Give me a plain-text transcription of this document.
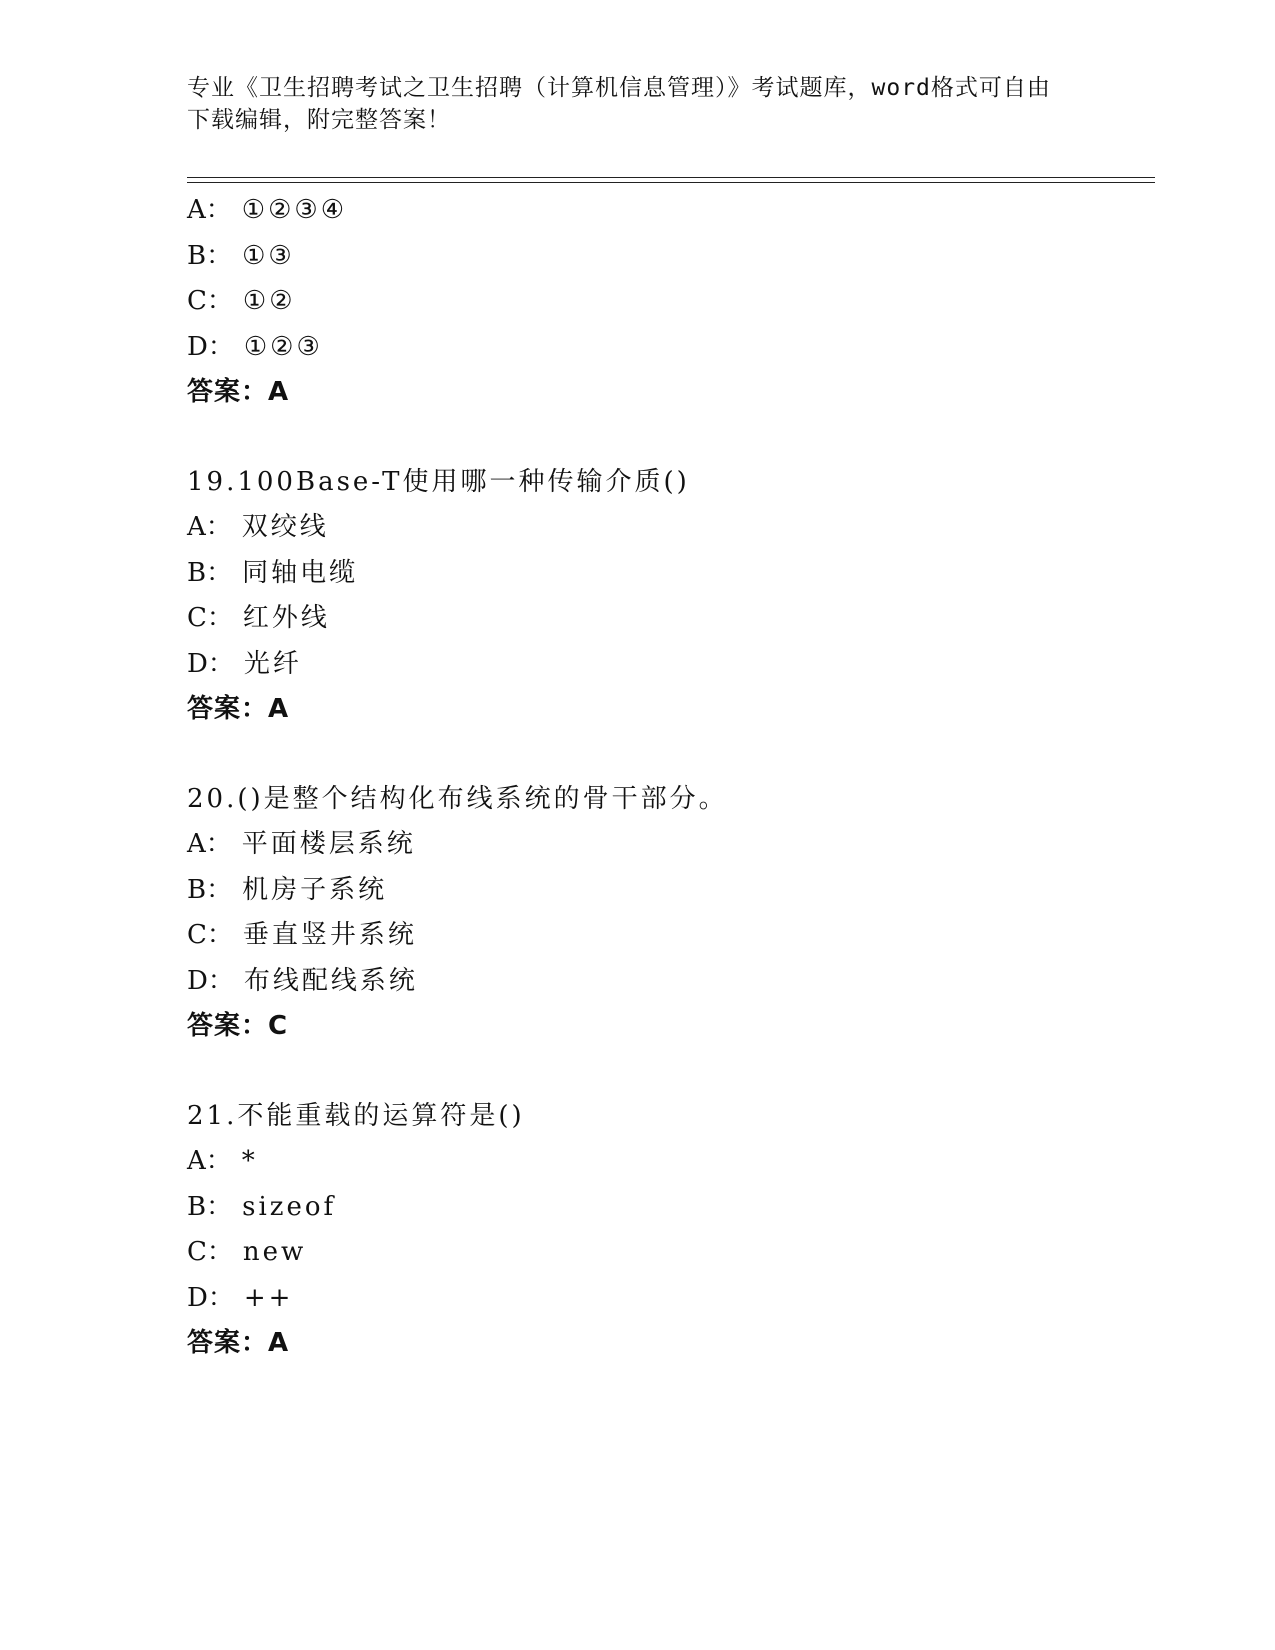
专业《卫生招聘考试之卫生招聘（计算机信息管理）》考试题库，word格式可自由下载编辑，附完整答案！
A： ①②③④
B： ①③
C： ①②
D： ①②③
答案：A
19.100Base-T使用哪一种传输介质()
A： 双绞线
B： 同轴电缆
C： 红外线
D： 光纤
答案：A
20.()是整个结构化布线系统的骨干部分。
A： 平面楼层系统
B： 机房子系统
C： 垂直竖井系统
D： 布线配线系统
答案：C
21.不能重载的运算符是()
A： *
B： sizeof
C： new
D： ++
答案：A
